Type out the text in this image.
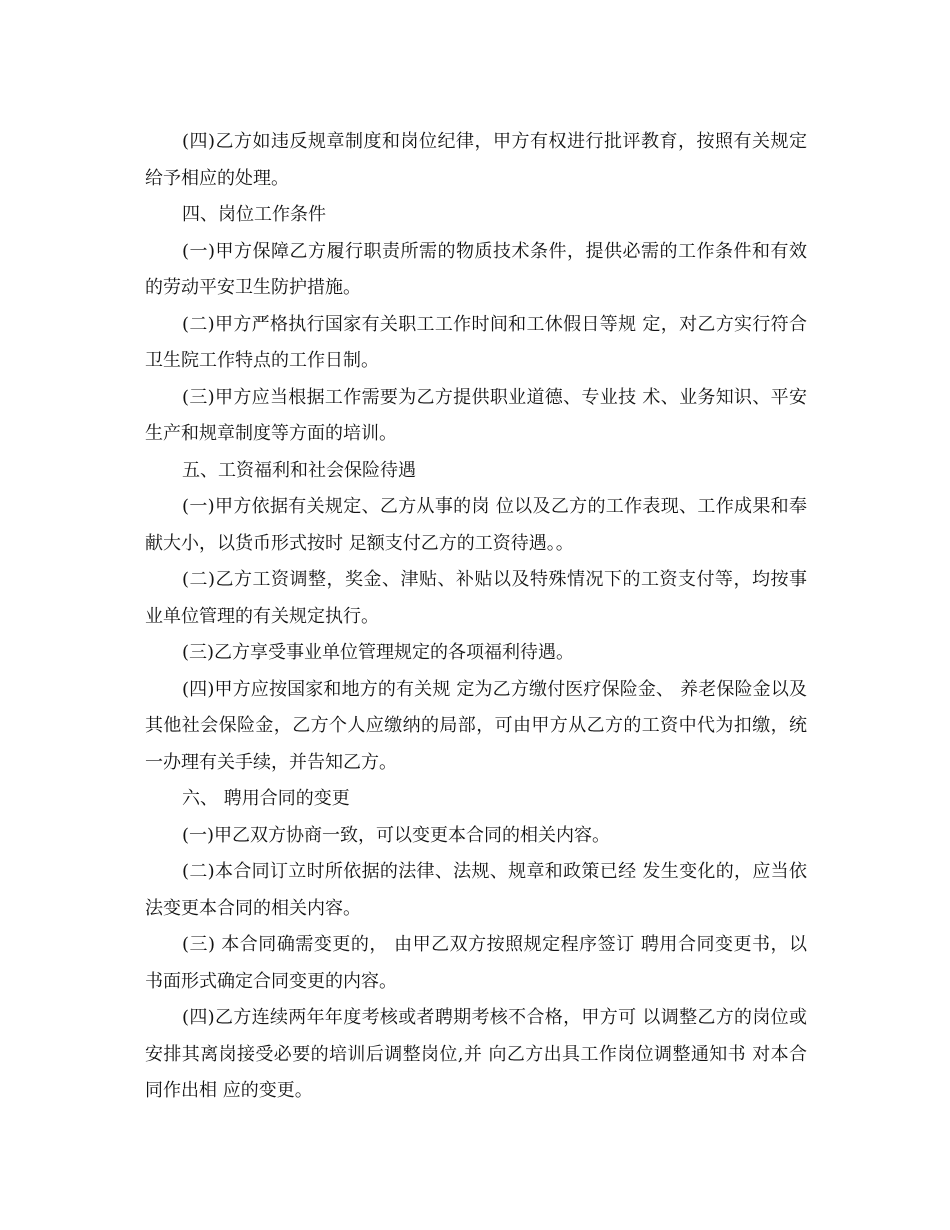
(四)乙方如违反规章制度和岗位纪律，甲方有权进行批评教育，按照有关规定给予相应的处理。

四、岗位工作条件

(一)甲方保障乙方履行职责所需的物质技术条件，提供必需的工作条件和有效的劳动平安卫生防护措施。

(二)甲方严格执行国家有关职工工作时间和工休假日等规 定，对乙方实行符合卫生院工作特点的工作日制。

(三)甲方应当根据工作需要为乙方提供职业道德、专业技 术、业务知识、平安生产和规章制度等方面的培训。

五、工资福利和社会保险待遇

(一)甲方依据有关规定、乙方从事的岗 位以及乙方的工作表现、工作成果和奉献大小，以货币形式按时 足额支付乙方的工资待遇。。

(二)乙方工资调整，奖金、津贴、补贴以及特殊情况下的工资支付等，均按事业单位管理的有关规定执行。

(三)乙方享受事业单位管理规定的各项福利待遇。

(四)甲方应按国家和地方的有关规 定为乙方缴付医疗保险金、 养老保险金以及其他社会保险金，乙方个人应缴纳的局部，可由甲方从乙方的工资中代为扣缴，统一办理有关手续，并告知乙方。

六、 聘用合同的变更

(一)甲乙双方协商一致，可以变更本合同的相关内容。

(二)本合同订立时所依据的法律、法规、规章和政策已经 发生变化的，应当依法变更本合同的相关内容。

(三) 本合同确需变更的， 由甲乙双方按照规定程序签订 聘用合同变更书，以书面形式确定合同变更的内容。

(四)乙方连续两年年度考核或者聘期考核不合格，甲方可 以调整乙方的岗位或安排其离岗接受必要的培训后调整岗位,并 向乙方出具工作岗位调整通知书 对本合同作出相 应的变更。
